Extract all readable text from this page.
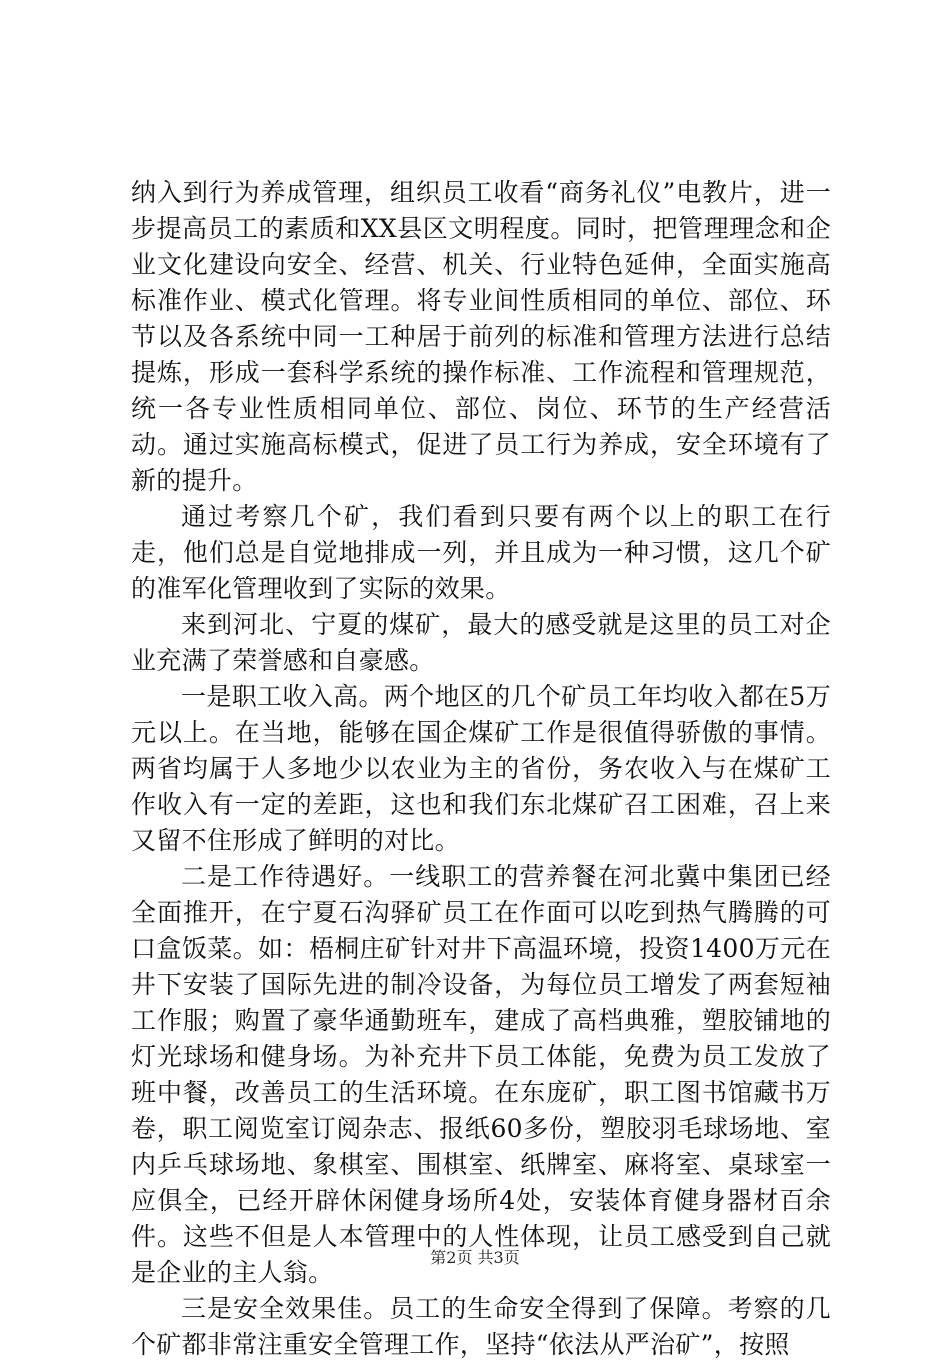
纳入到行为养成管理，组织员工收看“商务礼仪”电教片，进一步提高员工的素质和XX县区文明程度。同时，把管理理念和企业文化建设向安全、经营、机关、行业特色延伸，全面实施高标准作业、模式化管理。将专业间性质相同的单位、部位、环节以及各系统中同一工种居于前列的标准和管理方法进行总结提炼，形成一套科学系统的操作标准、工作流程和管理规范，统一各专业性质相同单位、部位、岗位、环节的生产经营活动。通过实施高标模式，促进了员工行为养成，安全环境有了新的提升。

通过考察几个矿，我们看到只要有两个以上的职工在行走，他们总是自觉地排成一列，并且成为一种习惯，这几个矿的准军化管理收到了实际的效果。

来到河北、宁夏的煤矿，最大的感受就是这里的员工对企业充满了荣誉感和自豪感。

一是职工收入高。两个地区的几个矿员工年均收入都在5万元以上。在当地，能够在国企煤矿工作是很值得骄傲的事情。两省均属于人多地少以农业为主的省份，务农收入与在煤矿工作收入有一定的差距，这也和我们东北煤矿召工困难，召上来又留不住形成了鲜明的对比。

二是工作待遇好。一线职工的营养餐在河北冀中集团已经全面推开，在宁夏石沟驿矿员工在作面可以吃到热气腾腾的可口盒饭菜。如：梧桐庄矿针对井下高温环境，投资1400万元在井下安装了国际先进的制冷设备，为每位员工增发了两套短袖工作服；购置了豪华通勤班车，建成了高档典雅，塑胶铺地的灯光球场和健身场。为补充井下员工体能，免费为员工发放了班中餐，改善员工的生活环境。在东庞矿，职工图书馆藏书万卷，职工阅览室订阅杂志、报纸60多份，塑胶羽毛球场地、室内乒乓球场地、象棋室、围棋室、纸牌室、麻将室、桌球室一应俱全，已经开辟休闲健身场所4处，安装体育健身器材百余件。这些不但是人本管理中的人性体现，让员工感受到自己就是企业的主人翁。

三是安全效果佳。员工的生命安全得到了保障。考察的几个矿都非常注重安全管理工作，坚持“依法从严治矿”，按照

第2页 共3页
